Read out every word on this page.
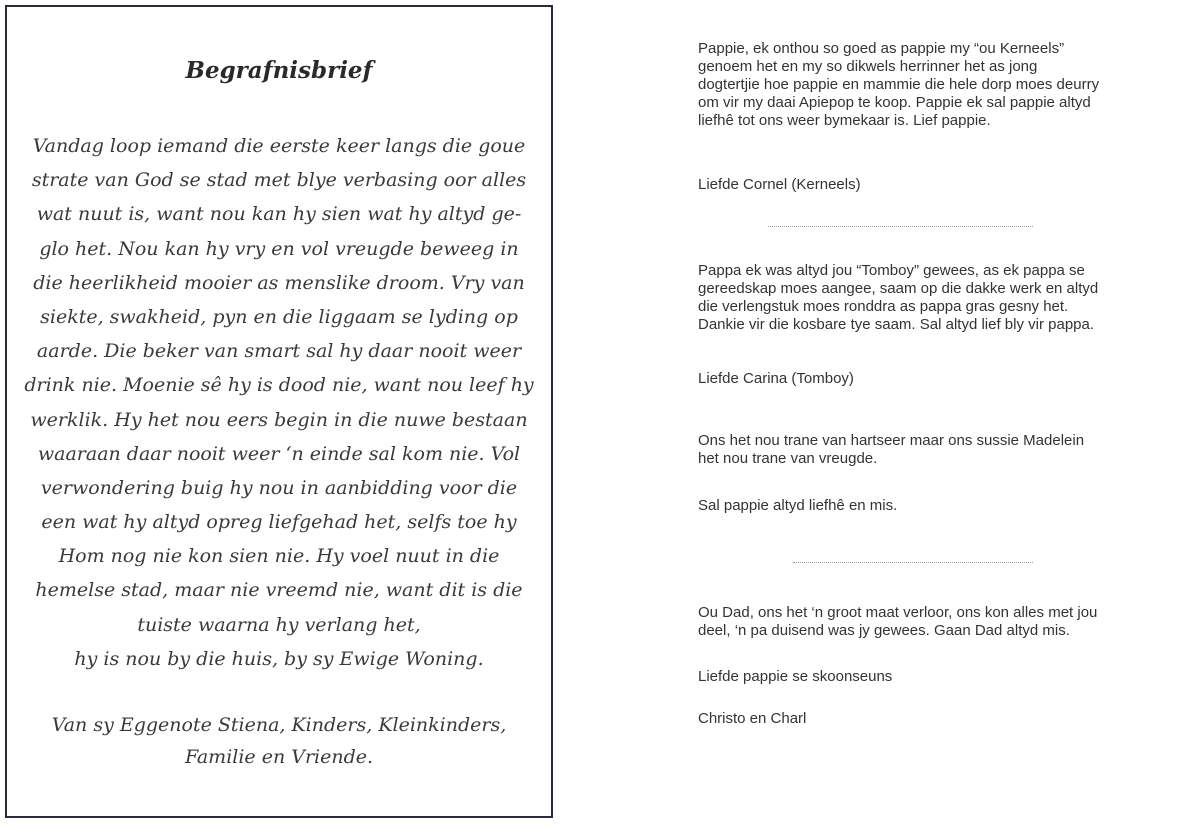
Begrafnisbrief
Vandag loop iemand die eerste keer langs die goue
strate van God se stad met blye verbasing oor alles
wat nuut is, want nou kan hy sien wat hy altyd ge-
glo het. Nou kan hy vry en vol vreugde beweeg in
die heerlikheid mooier as menslike droom. Vry van
siekte, swakheid, pyn en die liggaam se lyding op
aarde. Die beker van smart sal hy daar nooit weer
drink nie. Moenie sê hy is dood nie, want nou leef hy
werklik. Hy het nou eers begin in die nuwe bestaan
waaraan daar nooit weer ‘n einde sal kom nie. Vol
verwondering buig hy nou in aanbidding voor die
een wat hy altyd opreg liefgehad het, selfs toe hy
Hom nog nie kon sien nie. Hy voel nuut in die
hemelse stad, maar nie vreemd nie, want dit is die
tuiste waarna hy verlang het,
hy is nou by die huis, by sy Ewige Woning.
Van sy Eggenote Stiena, Kinders, Kleinkinders,
Familie en Vriende.
Pappie, ek onthou so goed as pappie my “ou Kerneels”
genoem het en my so dikwels herrinner het as jong
dogtertjie hoe pappie en mammie die hele dorp moes deurry
om vir my daai Apiepop te koop. Pappie ek sal pappie altyd
liefhê tot ons weer bymekaar is. Lief pappie.
Liefde Cornel (Kerneels)
Pappa ek was altyd jou “Tomboy” gewees, as ek pappa se
gereedskap moes aangee, saam op die dakke werk en altyd
die verlengstuk moes ronddra as pappa gras gesny het.
Dankie vir die kosbare tye saam. Sal altyd lief bly vir pappa.
Liefde Carina (Tomboy)
Ons het nou trane van hartseer maar ons sussie Madelein
het nou trane van vreugde.
Sal pappie altyd liefhê en mis.
Ou Dad, ons het ‘n groot maat verloor, ons kon alles met jou
deel, ‘n pa duisend was jy gewees. Gaan Dad altyd mis.
Liefde pappie se skoonseuns
Christo en Charl
